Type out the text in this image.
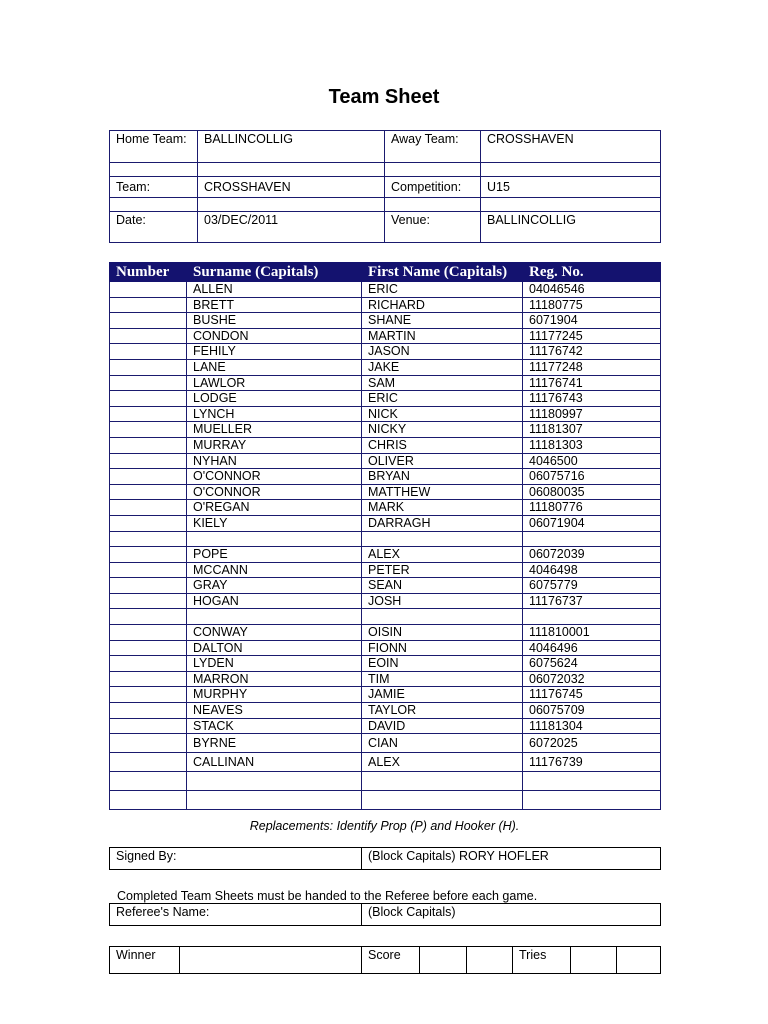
Team Sheet
Home Team:	BALLINCOLLIG	Away Team:	CROSSHAVEN

Team:	CROSSHAVEN	Competition:	U15

Date:	03/DEC/2011	Venue:	BALLINCOLLIG
Number	Surname (Capitals)	First Name (Capitals)	Reg. No.
	ALLEN	ERIC	04046546
	BRETT	RICHARD	11180775
	BUSHE	SHANE	6071904
	CONDON	MARTIN	11177245
	FEHILY	JASON	11176742
	LANE	JAKE	11177248
	LAWLOR	SAM	11176741
	LODGE	ERIC	11176743
	LYNCH	NICK	11180997
	MUELLER	NICKY	11181307
	MURRAY	CHRIS	11181303
	NYHAN	OLIVER	4046500
	O'CONNOR	BRYAN	06075716
	O'CONNOR	MATTHEW	06080035
	O'REGAN	MARK	11180776
	KIELY	DARRAGH	06071904

	POPE	ALEX	06072039
	MCCANN	PETER	4046498
	GRAY	SEAN	6075779
	HOGAN	JOSH	11176737

	CONWAY	OISIN	111810001
	DALTON	FIONN	4046496
	LYDEN	EOIN	6075624
	MARRON	TIM	06072032
	MURPHY	JAMIE	11176745
	NEAVES	TAYLOR	06075709
	STACK	DAVID	11181304
	BYRNE	CIAN	6072025
	CALLINAN	ALEX	11176739

Replacements: Identify Prop (P) and Hooker (H).
Signed By:	(Block Capitals) RORY HOFLER
Completed Team Sheets must be handed to the Referee before each game.
Referee's Name:	(Block Capitals)
Winner		Score			Tries		
